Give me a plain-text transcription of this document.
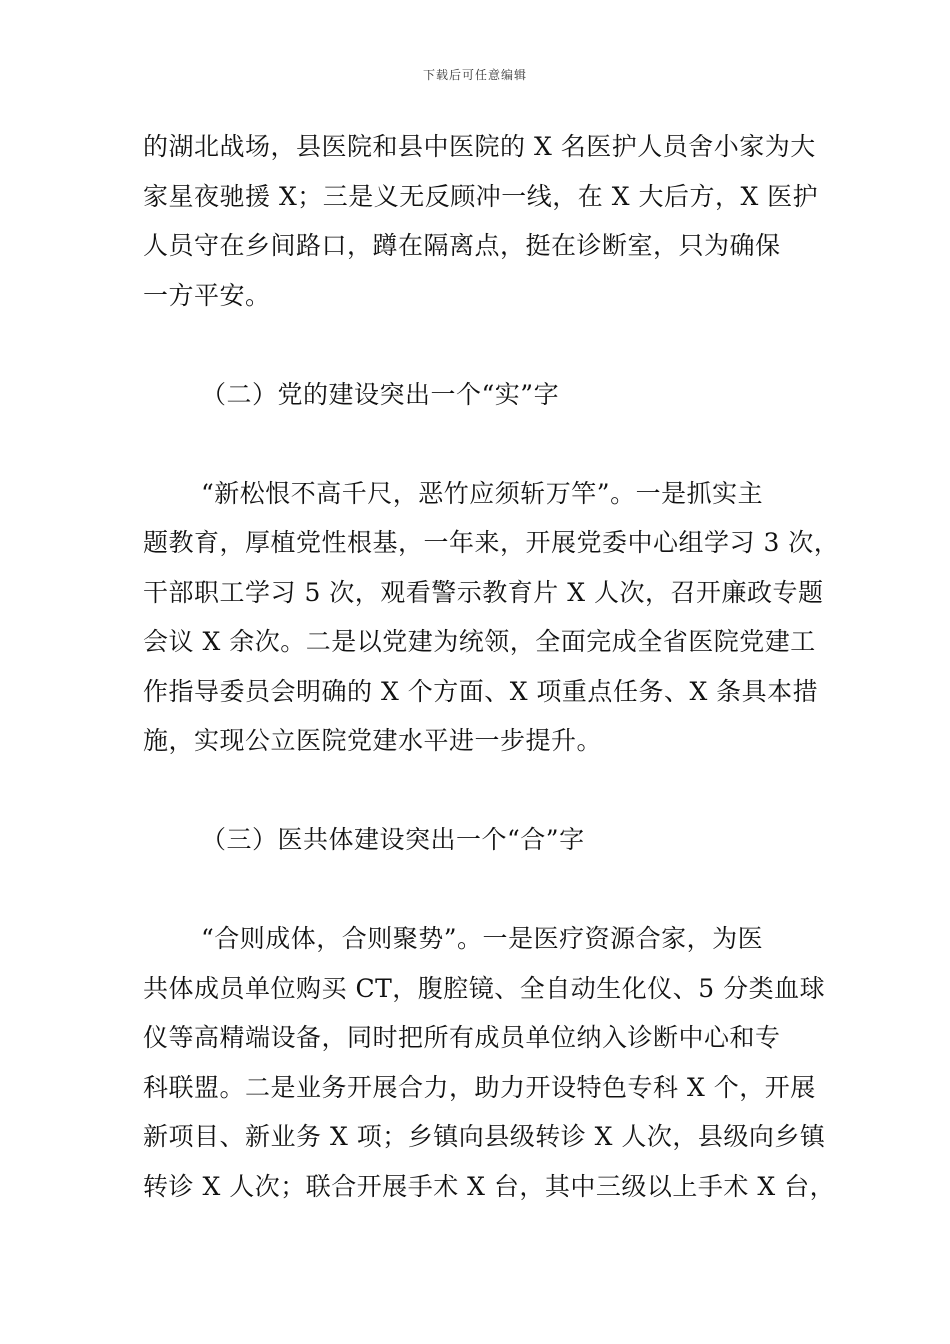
下载后可任意编辑
的湖北战场，县医院和县中医院的 X 名医护人员舍小家为大
家星夜驰援 X；三是义无反顾冲一线，在 X 大后方，X 医护
人员守在乡间路口，蹲在隔离点，挺在诊断室，只为确保
一方平安。
（二）党的建设突出一个“实”字
“新松恨不高千尺，恶竹应须斩万竿”。一是抓实主
题教育，厚植党性根基，一年来，开展党委中心组学习 3 次，
干部职工学习 5 次，观看警示教育片 X 人次，召开廉政专题
会议 X 余次。二是以党建为统领，全面完成全省医院党建工
作指导委员会明确的 X 个方面、X 项重点任务、X 条具本措
施，实现公立医院党建水平进一步提升。
（三）医共体建设突出一个“合”字
“合则成体，合则聚势”。一是医疗资源合家，为医
共体成员单位购买 CT，腹腔镜、全自动生化仪、5 分类血球
仪等高精端设备，同时把所有成员单位纳入诊断中心和专
科联盟。二是业务开展合力，助力开设特色专科 X 个，开展
新项目、新业务 X 项；乡镇向县级转诊 X 人次，县级向乡镇
转诊 X 人次；联合开展手术 X 台，其中三级以上手术 X 台，
